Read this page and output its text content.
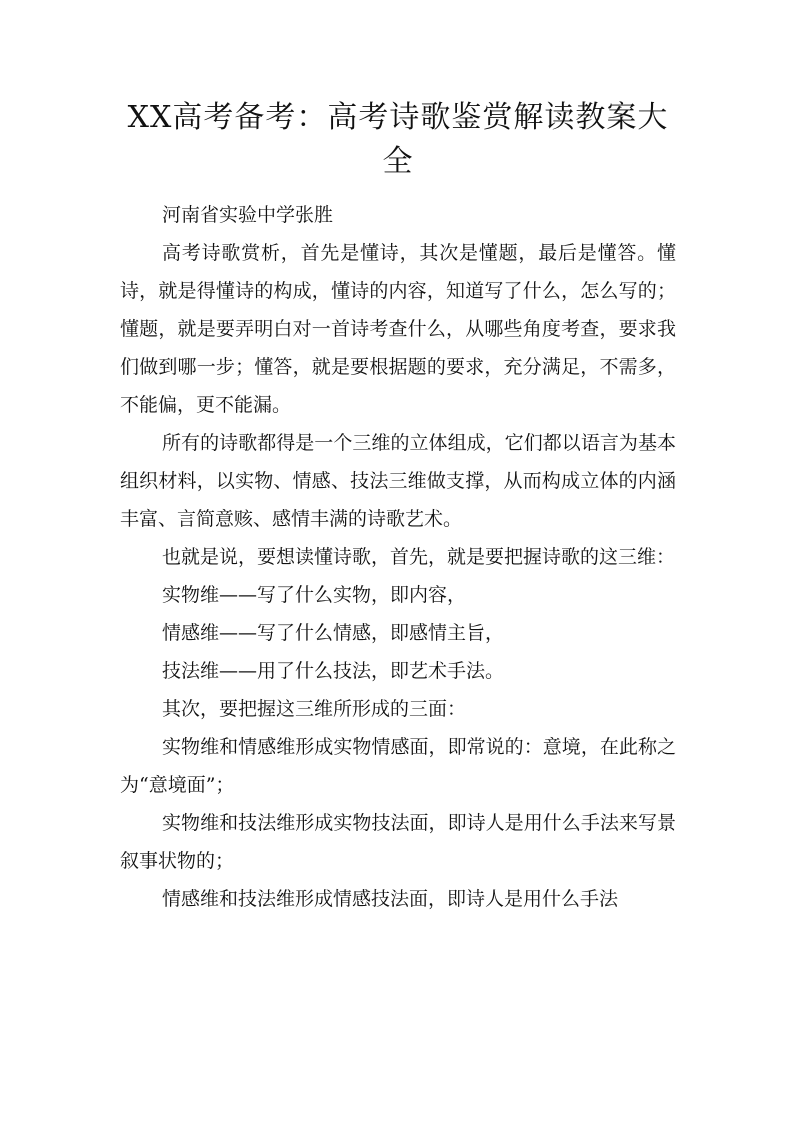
XX高考备考：高考诗歌鉴赏解读教案大全

河南省实验中学张胜

高考诗歌赏析，首先是懂诗，其次是懂题，最后是懂答。懂诗，就是得懂诗的构成，懂诗的内容，知道写了什么，怎么写的；懂题，就是要弄明白对一首诗考查什么，从哪些角度考查，要求我们做到哪一步；懂答，就是要根据题的要求，充分满足，不需多，不能偏，更不能漏。

所有的诗歌都得是一个三维的立体组成，它们都以语言为基本组织材料，以实物、情感、技法三维做支撑，从而构成立体的内涵丰富、言简意赅、感情丰满的诗歌艺术。

也就是说，要想读懂诗歌，首先，就是要把握诗歌的这三维：

实物维——写了什么实物，即内容，

情感维——写了什么情感，即感情主旨，

技法维——用了什么技法，即艺术手法。

其次，要把握这三维所形成的三面：

实物维和情感维形成实物情感面，即常说的：意境，在此称之为“意境面”；

实物维和技法维形成实物技法面，即诗人是用什么手法来写景叙事状物的；

情感维和技法维形成情感技法面，即诗人是用什么手法
